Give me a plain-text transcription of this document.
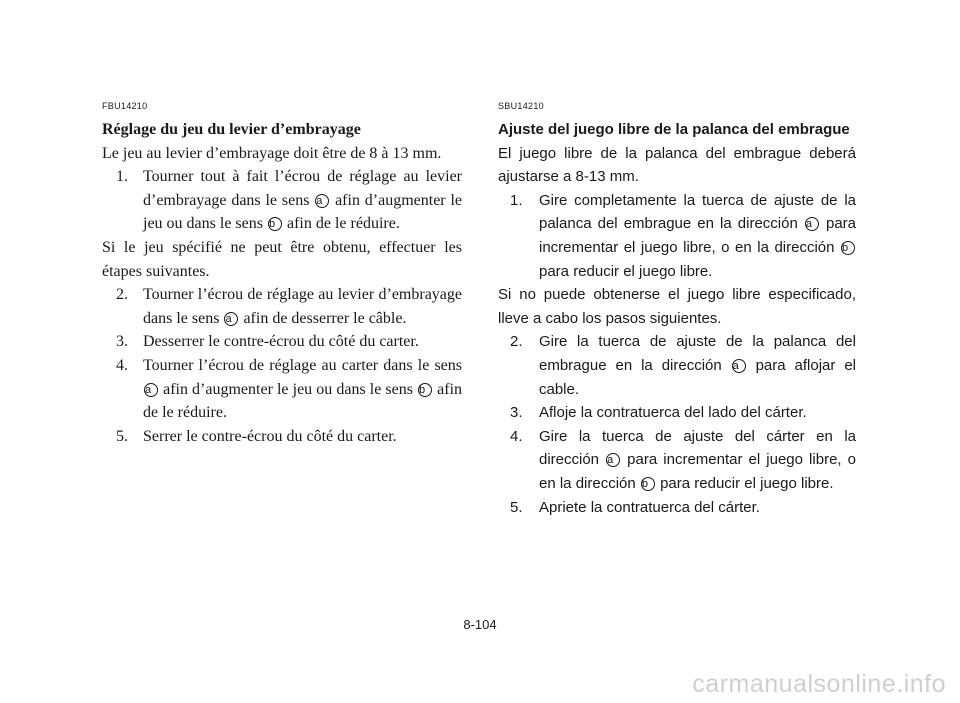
FBU14210
Réglage du jeu du levier d’embrayage
Le jeu au levier d’embrayage doit être de 8 à 13 mm.
1. Tourner tout à fait l’écrou de réglage au levier d’embrayage dans le sens a afin d’augmenter le jeu ou dans le sens b afin de le réduire.
Si le jeu spécifié ne peut être obtenu, effectuer les étapes suivantes.
2. Tourner l’écrou de réglage au levier d’embrayage dans le sens a afin de desserrer le câble.
3. Desserrer le contre-écrou du côté du carter.
4. Tourner l’écrou de réglage au carter dans le sens a afin d’augmenter le jeu ou dans le sens b afin de le réduire.
5. Serrer le contre-écrou du côté du carter.
SBU14210
Ajuste del juego libre de la palanca del embrague
El juego libre de la palanca del embrague deberá ajustarse a 8-13 mm.
1. Gire completamente la tuerca de ajuste de la palanca del embrague en la dirección a para incrementar el juego libre, o en la dirección b para reducir el juego libre.
Si no puede obtenerse el juego libre especificado, lleve a cabo los pasos siguientes.
2. Gire la tuerca de ajuste de la palanca del embrague en la dirección a para aflojar el cable.
3. Afloje la contratuerca del lado del cárter.
4. Gire la tuerca de ajuste del cárter en la dirección a para incrementar el juego libre, o en la dirección b para reducir el juego libre.
5. Apriete la contratuerca del cárter.
8-104
carmanualsonline.info
